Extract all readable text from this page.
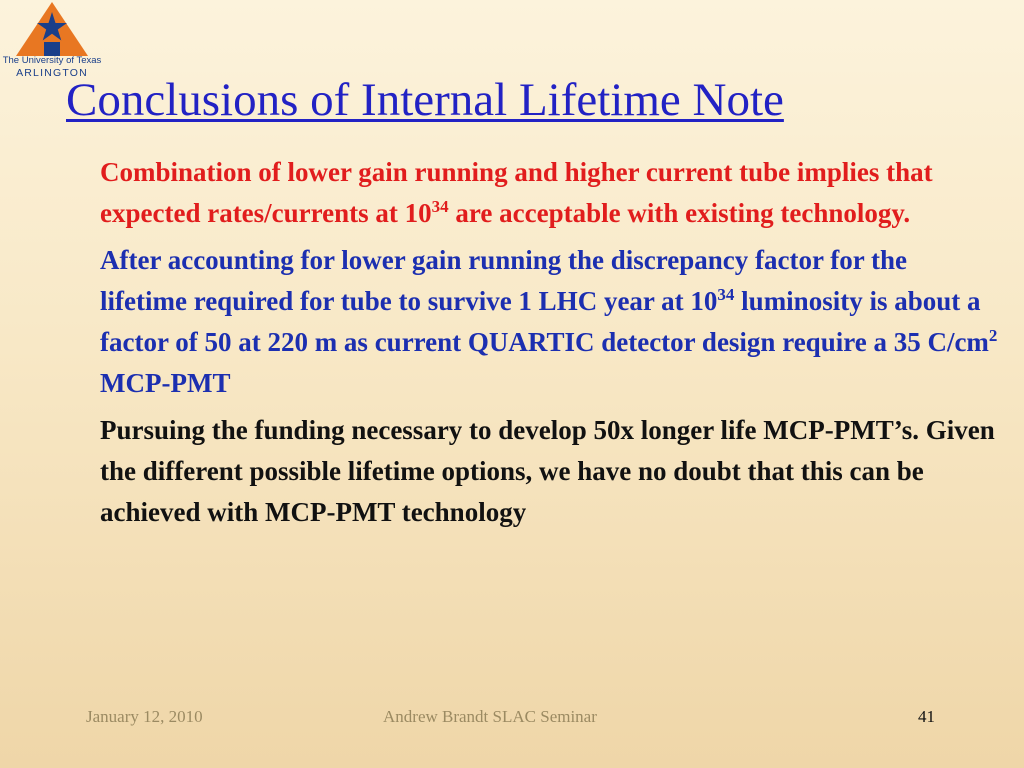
The University of Texas
ARLINGTON
Conclusions of Internal Lifetime Note

Combination of lower gain running and higher current tube implies that expected rates/currents at $10^{34}$ are acceptable with existing technology.

After accounting for lower gain running the discrepancy factor for the lifetime required for tube to survive 1 LHC year at $10^{34}$ luminosity is about a factor of 50 at 220 m as current QUARTIC detector design require a 35 $C/cm^2$ MCP-PMT

Pursuing the funding necessary to develop 50x longer life MCP-PMT’s. Given the different possible lifetime options, we have no doubt that this can be achieved with MCP-PMT technology

January 12, 2010	Andrew Brandt SLAC Seminar	41
